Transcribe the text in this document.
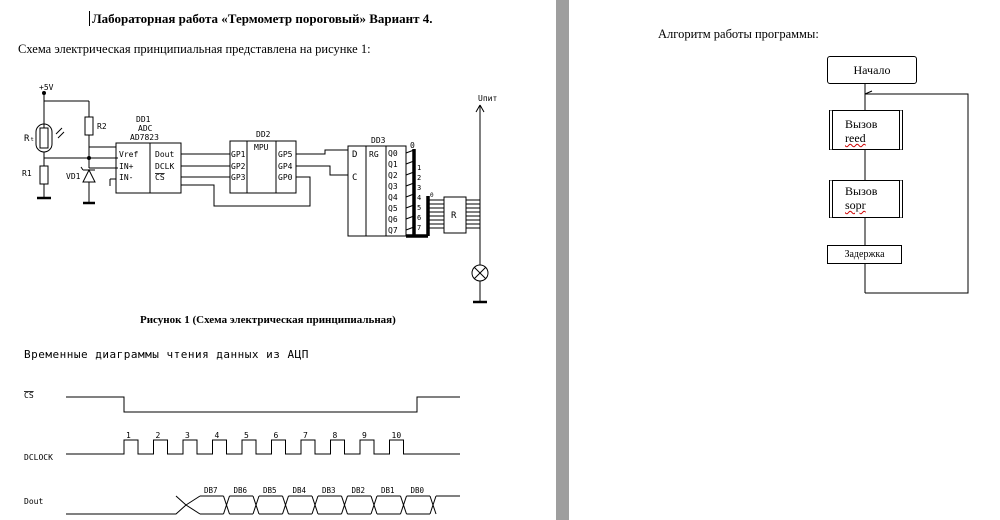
Лабораторная работа «Термометр пороговый» Вариант 4.
Схема электрическая принципиальная представлена на рисунке 1:
+5V
R2
Rₜ
R1	VD1
DD1
ADC
AD7823
Vref
IN+
IN-
Dout
DCLK
CS
DD2
MPU
GP1
GP2
GP3
GP5
GP4
GP0
DD3
D
C
RG Q0
Q1
Q2
Q3
Q4
Q5
Q6
Q7
0
1
2
3
4
5
6
7
0
R
Uпит
Рисунок 1 (Схема электрическая принципиальная)
Временные диаграммы чтения данных из АЦП
CS
DCLOCK
1	2	3	4	5	6	7	8	9	10
Dout
DB7 DB6 DB5 DB4 DB3 DB2 DB1 DB0
Алгоритм работы программы:
Начало
Вызов
reed
Вызов
sopr
Задержка
